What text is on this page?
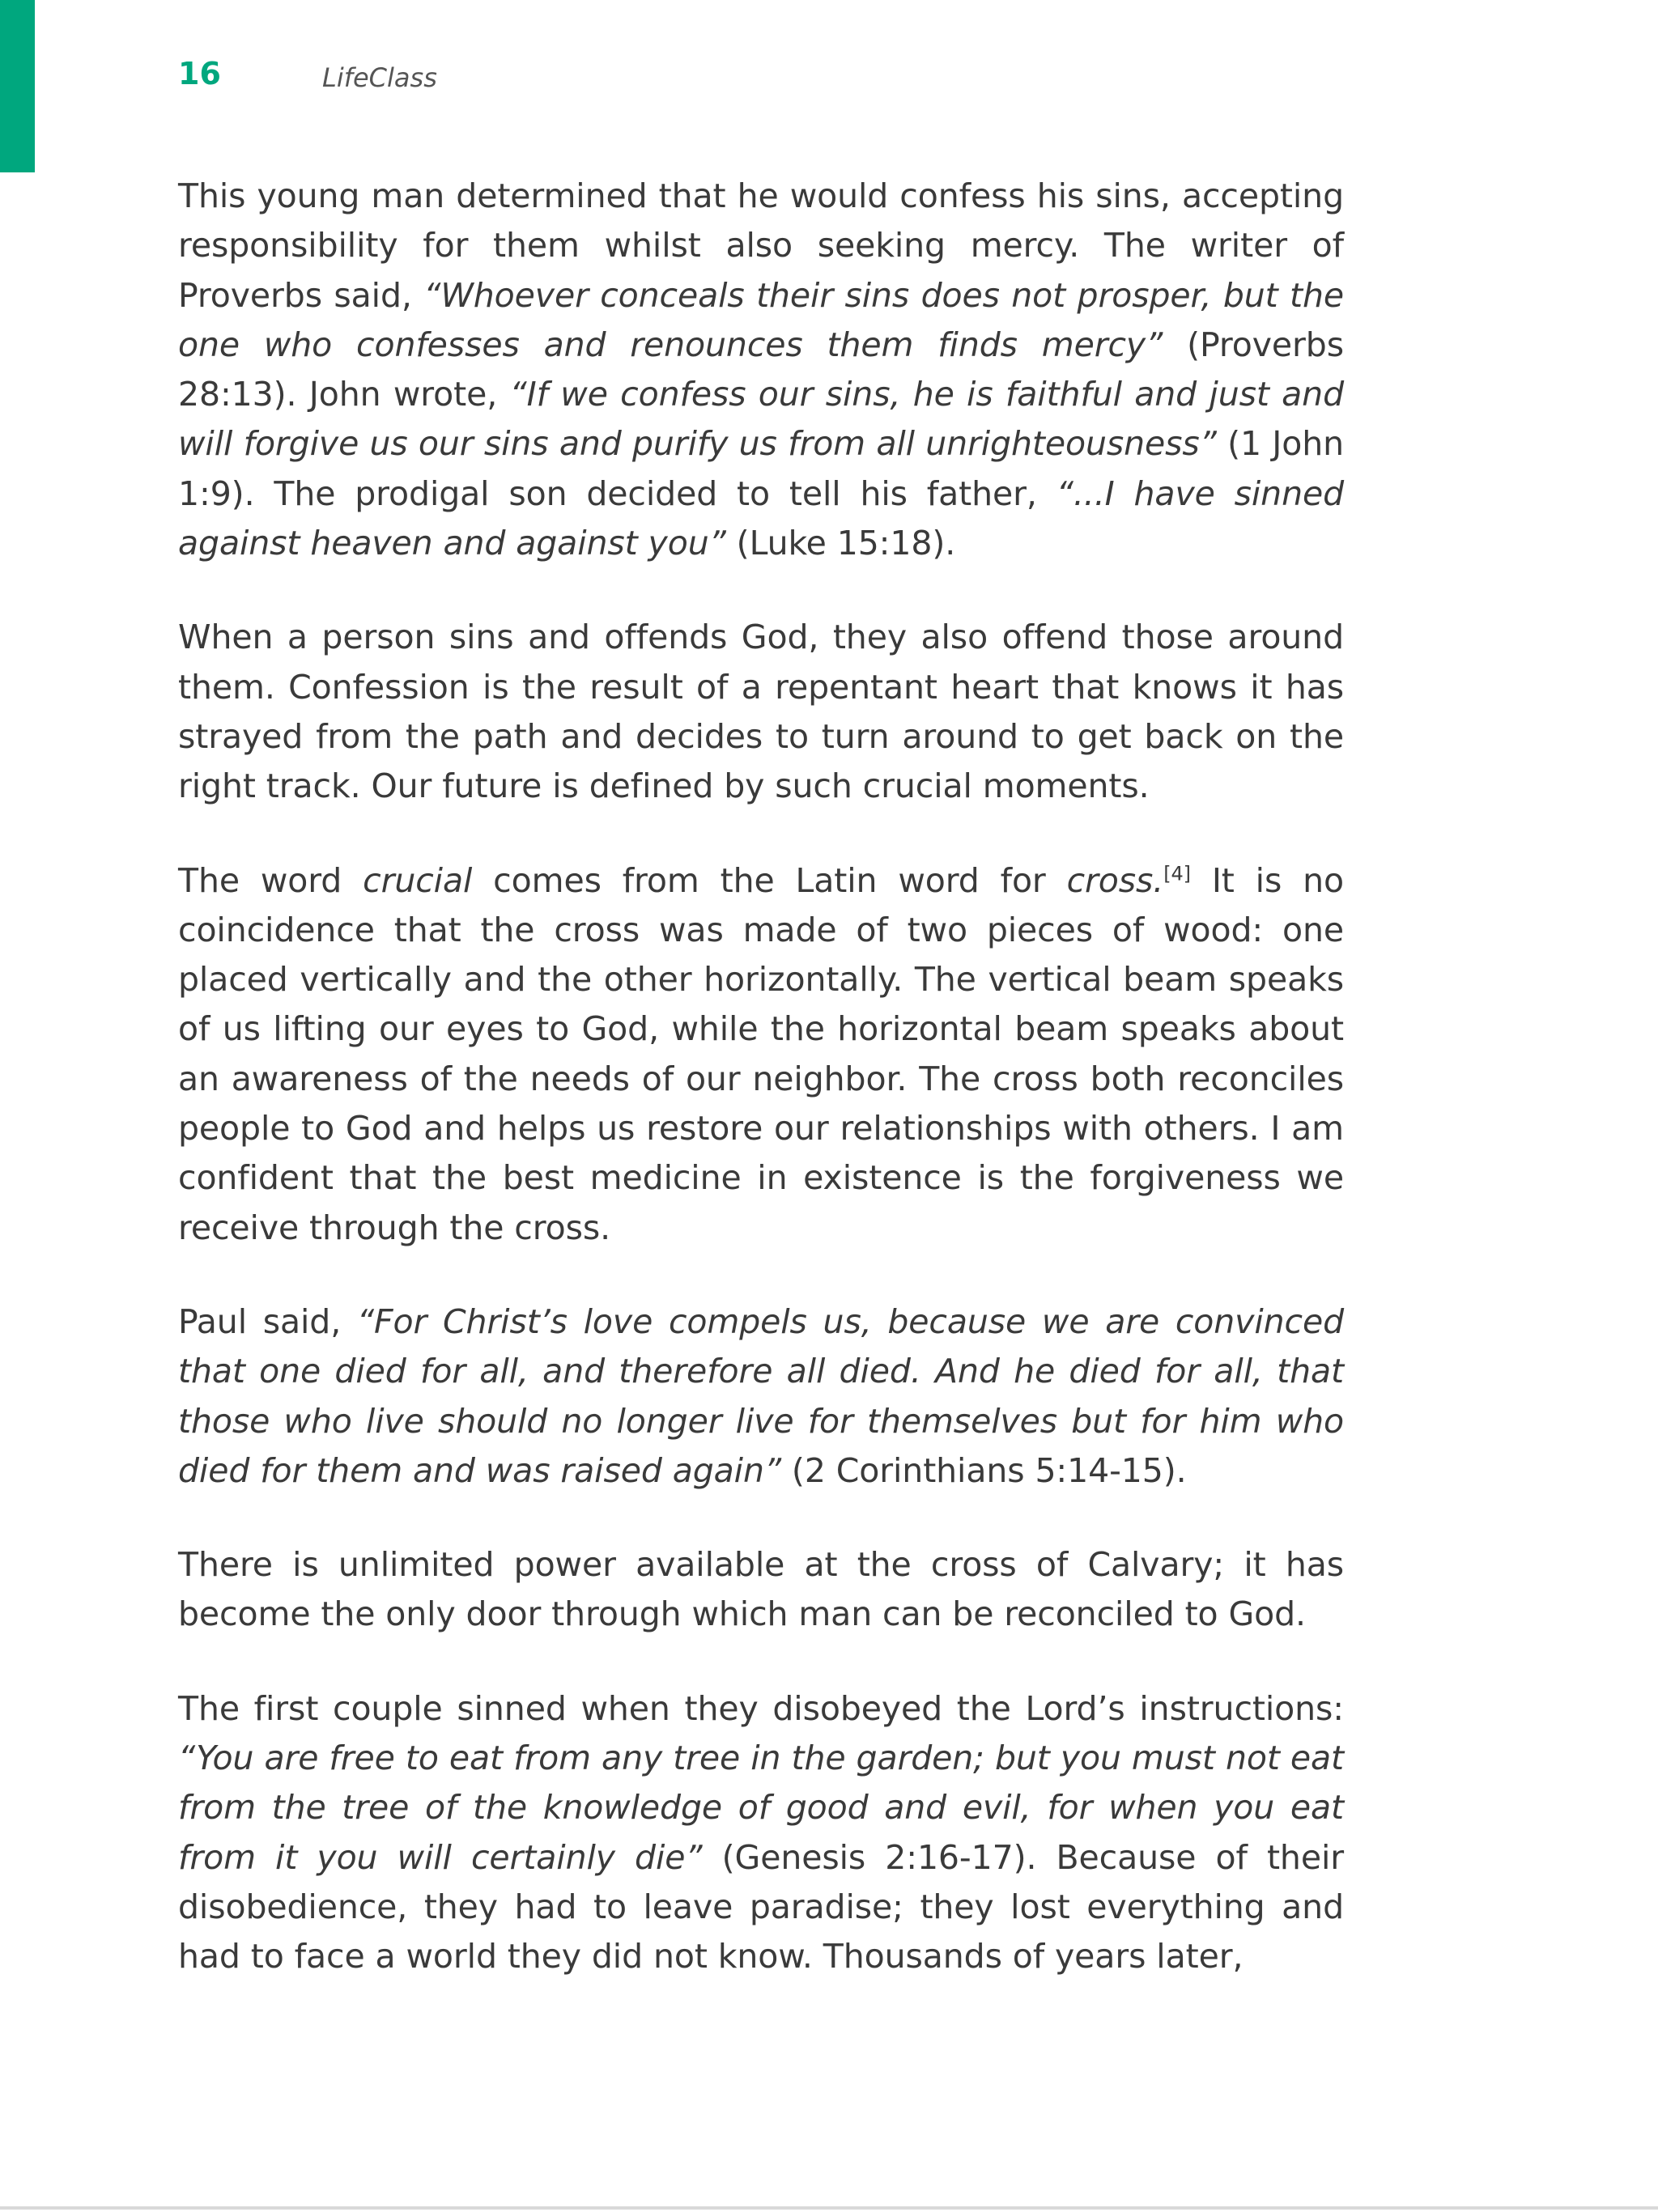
16	LifeClass

This young man determined that he would confess his sins, accepting responsibility for them whilst also seeking mercy. The writer of Proverbs said, “Whoever conceals their sins does not prosper, but the one who confesses and renounces them finds mercy” (Proverbs 28:13). John wrote, “If we confess our sins, he is faithful and just and will forgive us our sins and purify us from all unrighteousness” (1 John 1:9). The prodigal son decided to tell his father, “...I have sinned against heaven and against you” (Luke 15:18).

When a person sins and offends God, they also offend those around them. Confession is the result of a repentant heart that knows it has strayed from the path and decides to turn around to get back on the right track. Our future is defined by such crucial moments.

The word crucial comes from the Latin word for cross.[4] It is no coincidence that the cross was made of two pieces of wood: one placed vertically and the other horizontally. The vertical beam speaks of us lifting our eyes to God, while the horizontal beam speaks about an awareness of the needs of our neighbor. The cross both reconciles people to God and helps us restore our relationships with others. I am confident that the best medicine in existence is the forgiveness we receive through the cross.

Paul said, “For Christ’s love compels us, because we are convinced that one died for all, and therefore all died. And he died for all, that those who live should no longer live for themselves but for him who died for them and was raised again” (2 Corinthians 5:14-15).

There is unlimited power available at the cross of Calvary; it has become the only door through which man can be reconciled to God.

The first couple sinned when they disobeyed the Lord’s instructions: “You are free to eat from any tree in the garden; but you must not eat from the tree of the knowledge of good and evil, for when you eat from it you will certainly die” (Genesis 2:16-17). Because of their disobedience, they had to leave paradise; they lost everything and had to face a world they did not know. Thousands of years later,
